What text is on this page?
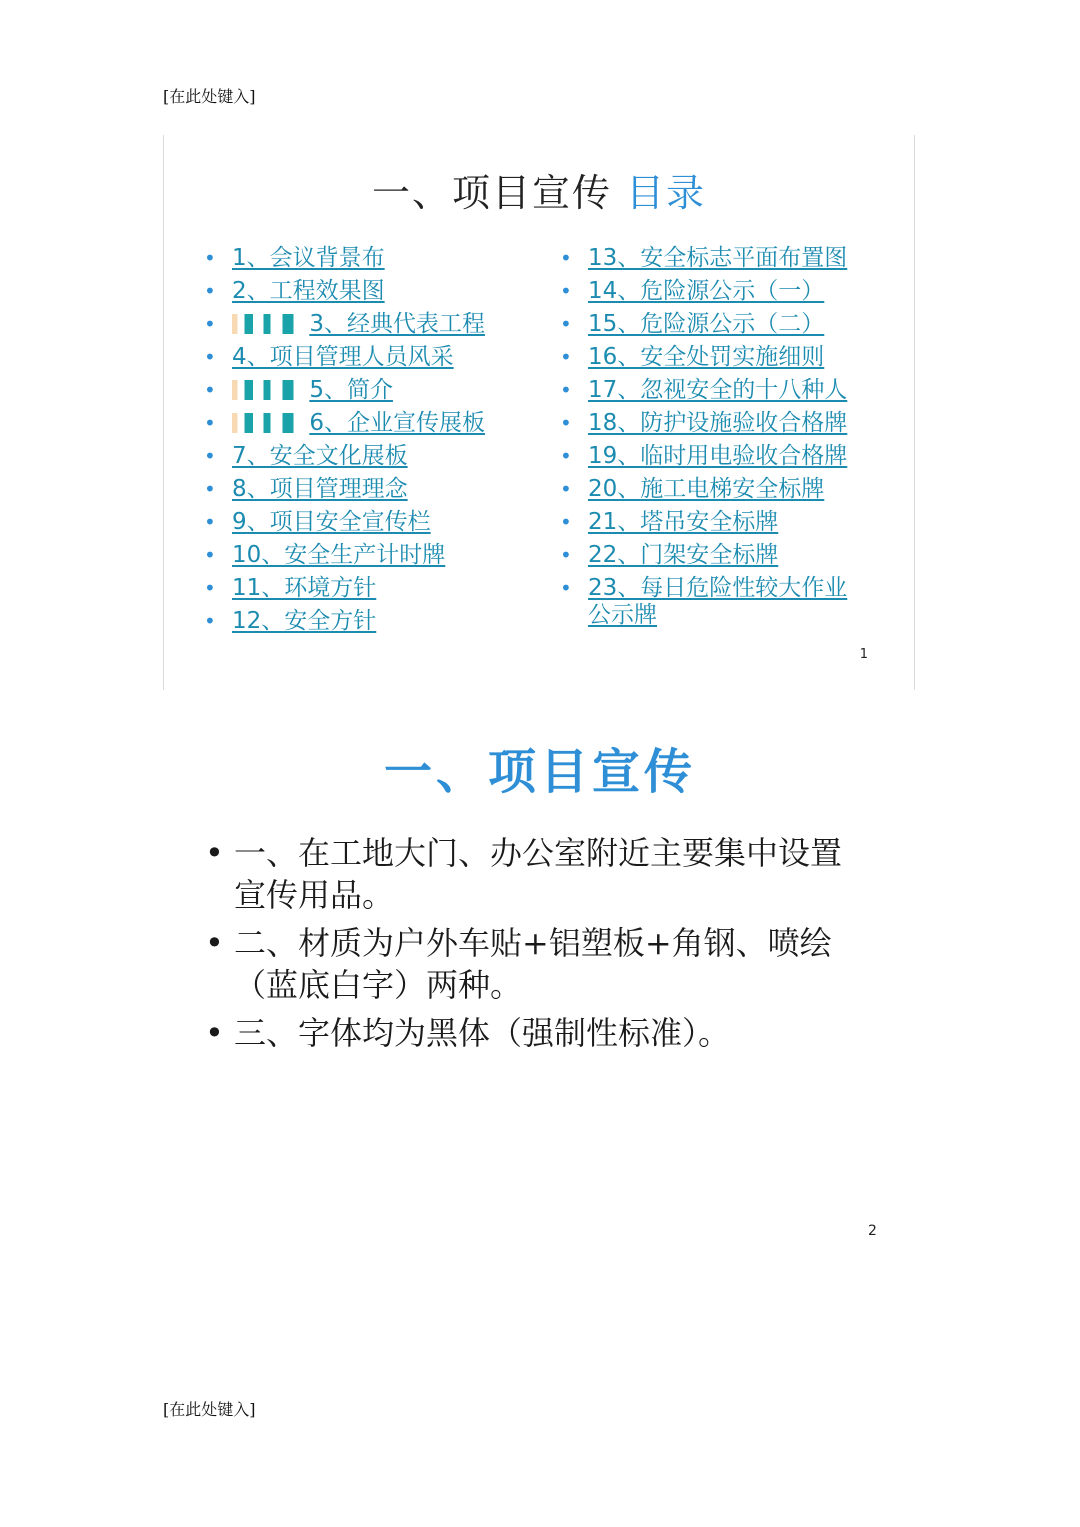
[在此处键入]
一、项目宣传 目录
• 1、会议背景布
• 2、工程效果图
• 3、经典代表工程
• 4、项目管理人员风采
• 5、简介
• 6、企业宣传展板
• 7、安全文化展板
• 8、项目管理理念
• 9、项目安全宣传栏
• 10、安全生产计时牌
• 11、环境方针
• 12、安全方针
• 13、安全标志平面布置图
• 14、危险源公示（一）
• 15、危险源公示（二）
• 16、安全处罚实施细则
• 17、忽视安全的十八种人
• 18、防护设施验收合格牌
• 19、临时用电验收合格牌
• 20、施工电梯安全标牌
• 21、塔吊安全标牌
• 22、门架安全标牌
• 23、每日危险性较大作业公示牌
1
一、项目宣传
• 一、在工地大门、办公室附近主要集中设置宣传用品。
• 二、材质为户外车贴+铝塑板+角钢、喷绘（蓝底白字）两种。
• 三、字体均为黑体（强制性标准）。
2
[在此处键入]
